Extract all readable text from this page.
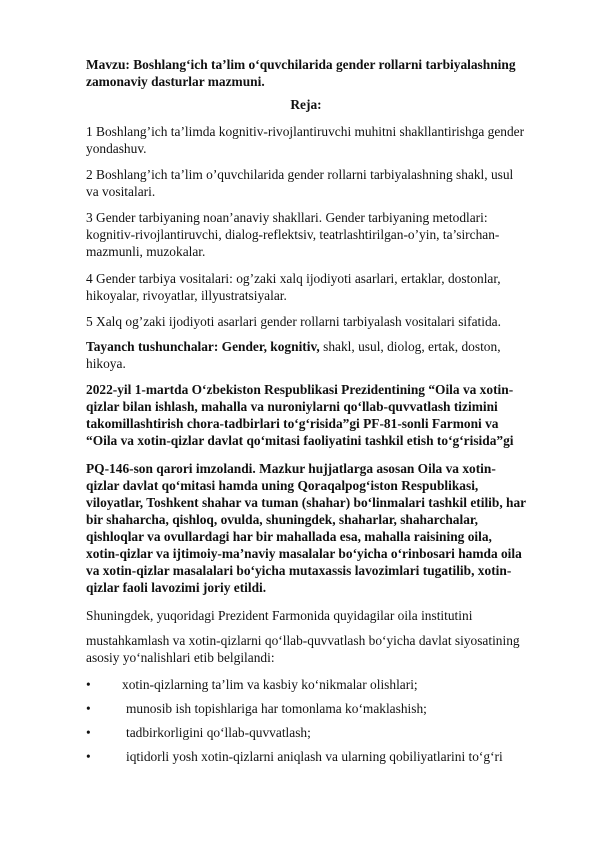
Mavzu: Boshlang‘ich ta’lim o‘quvchilarida gender rollarni tarbiyalashning zamonaviy dasturlar mazmuni.

Reja:

1 Boshlang’ich ta’limda kognitiv-rivojlantiruvchi muhitni shakllantirishga gender yondashuv.

2 Boshlang’ich ta’lim o’quvchilarida gender rollarni tarbiyalashning shakl, usul va vositalari.

3 Gender tarbiyaning noan’anaviy shakllari. Gender tarbiyaning metodlari: kognitiv-rivojlantiruvchi, dialog-reflektsiv, teatrlashtirilgan-o’yin, ta’sirchan-mazmunli, muzokalar.

4 Gender tarbiya vositalari: og’zaki xalq ijodiyoti asarlari, ertaklar, dostonlar, hikoyalar, rivoyatlar, illyustratsiyalar.

5 Xalq og’zaki ijodiyoti asarlari gender rollarni tarbiyalash vositalari sifatida.

Tayanch tushunchalar: Gender, kognitiv, shakl, usul, diolog, ertak, doston, hikoya.

2022-yil 1-martda O‘zbekiston Respublikasi Prezidentining “Oila va xotin-qizlar bilan ishlash, mahalla va nuroniylarni qo‘llab-quvvatlash tizimini takomillashtirish chora-tadbirlari to‘g‘risida”gi PF-81-sonli Farmoni va “Oila va xotin-qizlar davlat qo‘mitasi faoliyatini tashkil etish to‘g‘risida”gi

PQ-146-son qarori imzolandi. Mazkur hujjatlarga asosan Oila va xotin-qizlar davlat qo‘mitasi hamda uning Qoraqalpog‘iston Respublikasi, viloyatlar, Toshkent shahar va tuman (shahar) bo‘linmalari tashkil etilib, har bir shaharcha, qishloq, ovulda, shuningdek, shaharlar, shaharchalar, qishloqlar va ovullardagi har bir mahallada esa, mahalla raisining oila, xotin-qizlar va ijtimoiy-ma’naviy masalalar bo‘yicha o‘rinbosari hamda oila va xotin-qizlar masalalari bo‘yicha mutaxassis lavozimlari tugatilib, xotin-qizlar faoli lavozimi joriy etildi.

Shuningdek, yuqoridagi Prezident Farmonida quyidagilar oila institutini

mustahkamlash va xotin-qizlarni qo‘llab-quvvatlash bo‘yicha davlat siyosatining asosiy yo‘nalishlari etib belgilandi:

• xotin-qizlarning ta’lim va kasbiy ko‘nikmalar olishlari;
•	munosib ish topishlariga har tomonlama ko‘maklashish;
•	tadbirkorligini qo‘llab-quvvatlash;
•	iqtidorli yosh xotin-qizlarni aniqlash va ularning qobiliyatlarini to‘g‘ri
